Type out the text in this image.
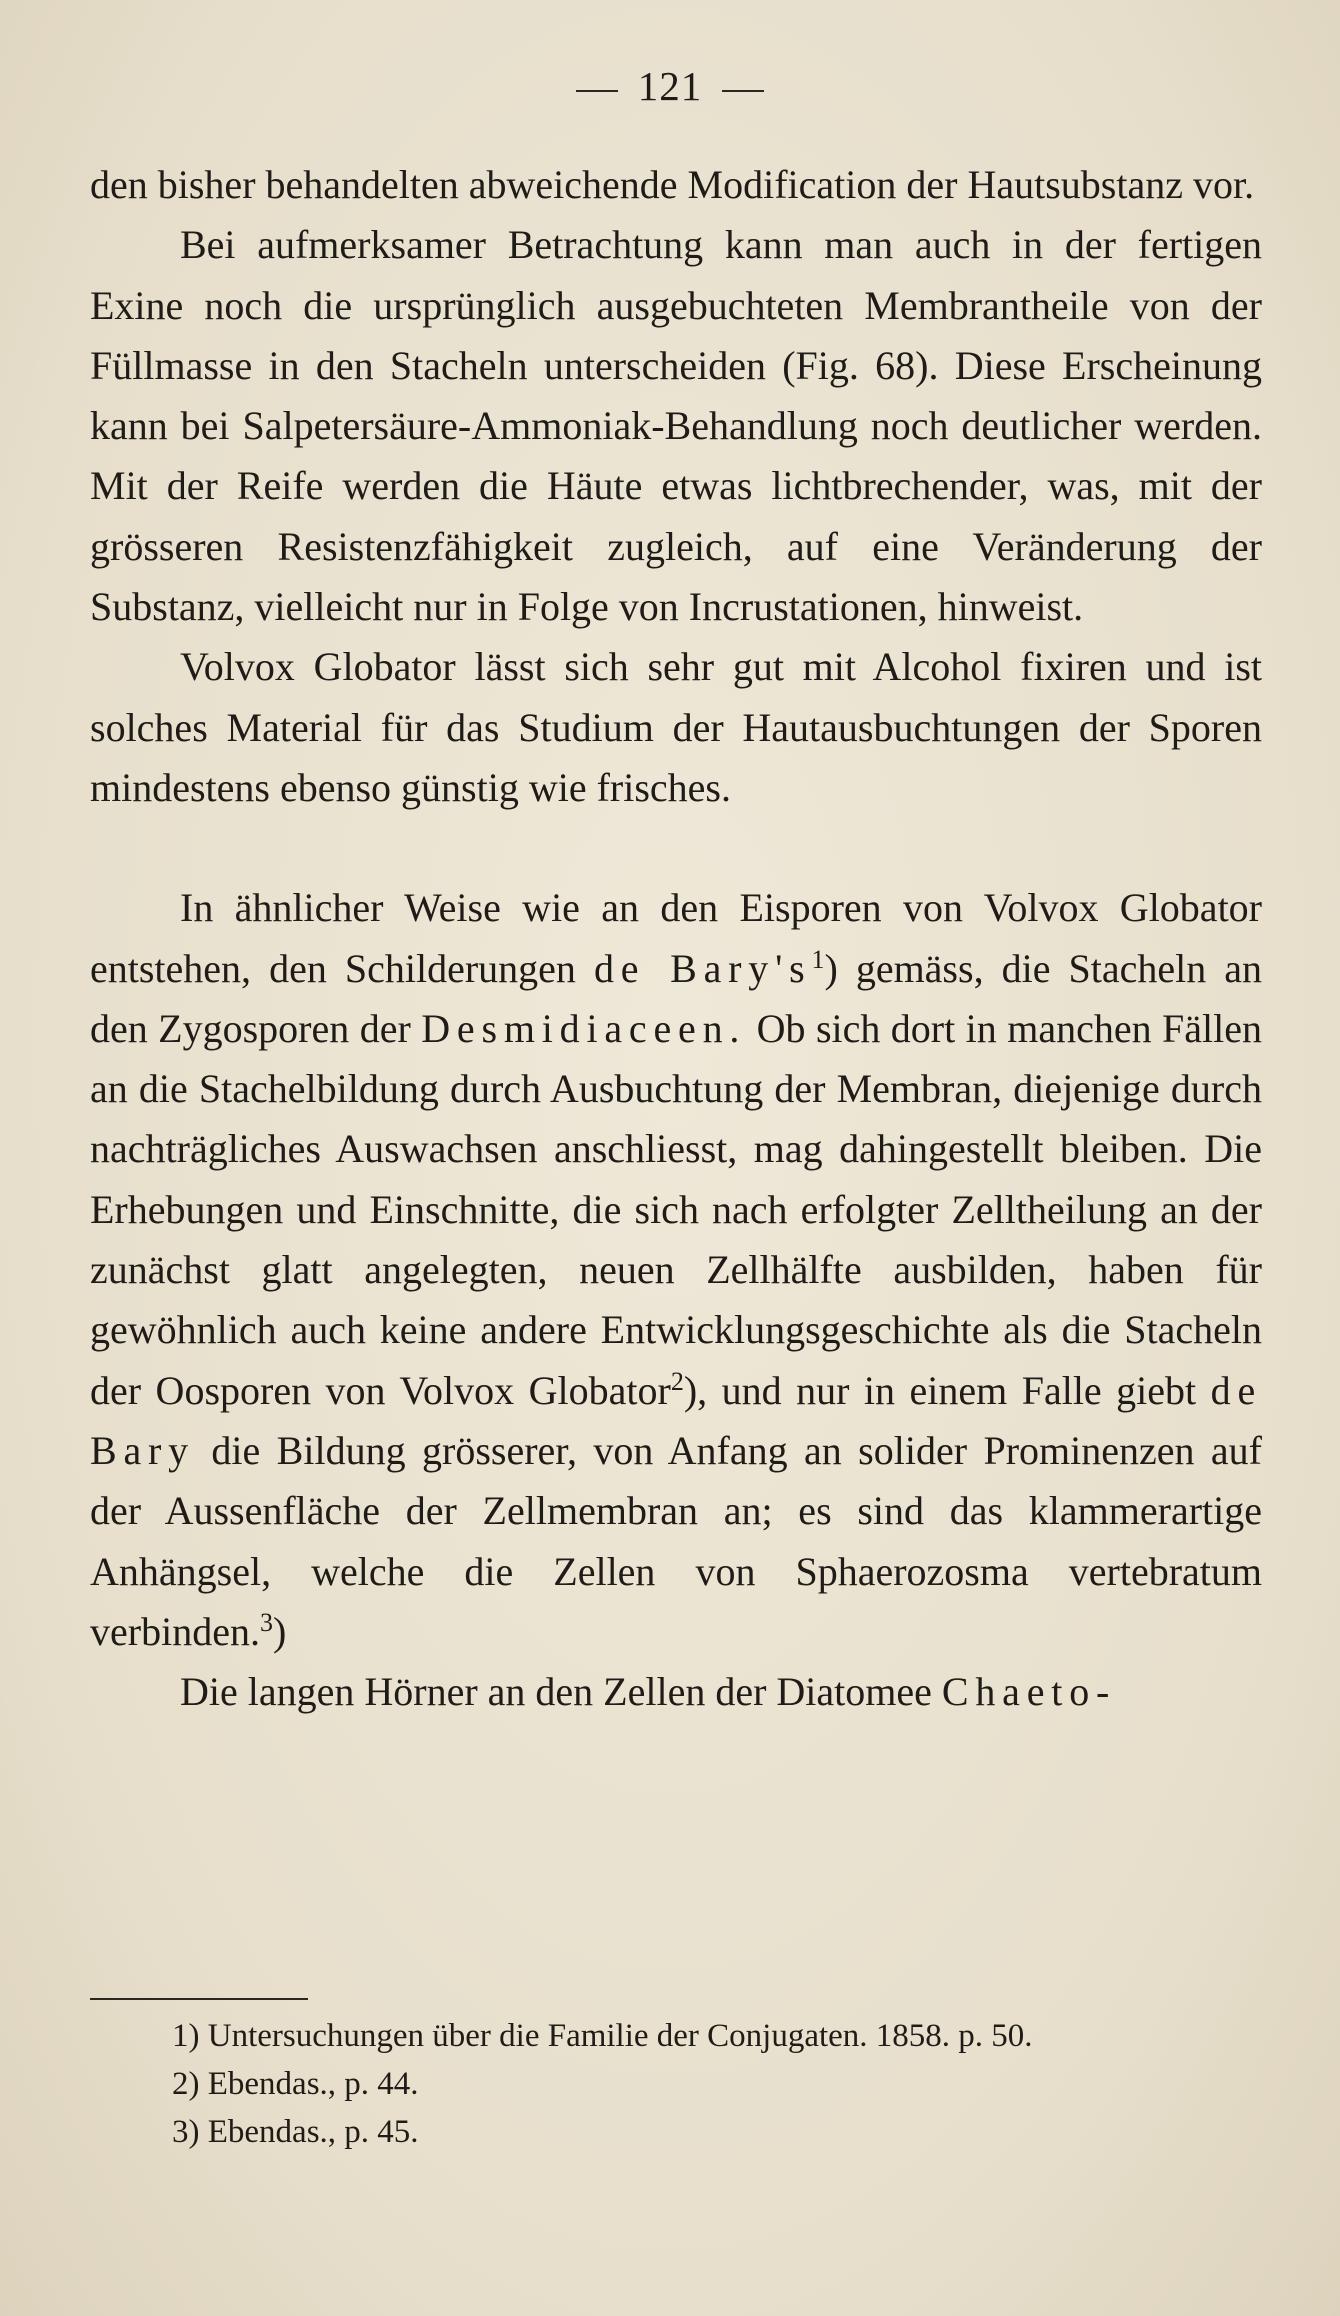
121

den bisher behandelten abweichende Modification der Hautsubstanz vor.

Bei aufmerksamer Betrachtung kann man auch in der fertigen Exine noch die ursprünglich ausgebuchteten Membrantheile von der Füllmasse in den Stacheln unterscheiden (Fig. 68). Diese Erscheinung kann bei Salpetersäure-Ammoniak-Behandlung noch deutlicher werden. Mit der Reife werden die Häute etwas lichtbrechender, was, mit der grösseren Resistenzfähigkeit zugleich, auf eine Veränderung der Substanz, vielleicht nur in Folge von Incrustationen, hinweist.

Volvox Globator lässt sich sehr gut mit Alcohol fixiren und ist solches Material für das Studium der Hautausbuchtungen der Sporen mindestens ebenso günstig wie frisches.

In ähnlicher Weise wie an den Eisporen von Volvox Globator entstehen, den Schilderungen de $Bary's^1$) gemäss, die Stacheln an den Zygosporen der Desmidiaceen. Ob sich dort in manchen Fällen an die Stachelbildung durch Ausbuchtung der Membran, diejenige durch nachträgliches Auswachsen anschliesst, mag dahingestellt bleiben. Die Erhebungen und Einschnitte, die sich nach erfolgter Zelltheilung an der zunächst glatt angelegten, neuen Zellhälfte ausbilden, haben für gewöhnlich auch keine andere Entwicklungsgeschichte als die Stacheln der Oosporen von Volvox Globator$^2$), und nur in einem Falle giebt de Bary die Bildung grösserer, von Anfang an solider Prominenzen auf der Aussenfläche der Zellmembran an; es sind das klammerartige Anhängsel, welche die Zellen von Sphaerozosma vertebratum verbinden.$^3$)

Die langen Hörner an den Zellen der Diatomee Chaeto-

1) Untersuchungen über die Familie der Conjugaten. 1858. p. 50.
2) Ebendas., p. 44.
3) Ebendas., p. 45.
